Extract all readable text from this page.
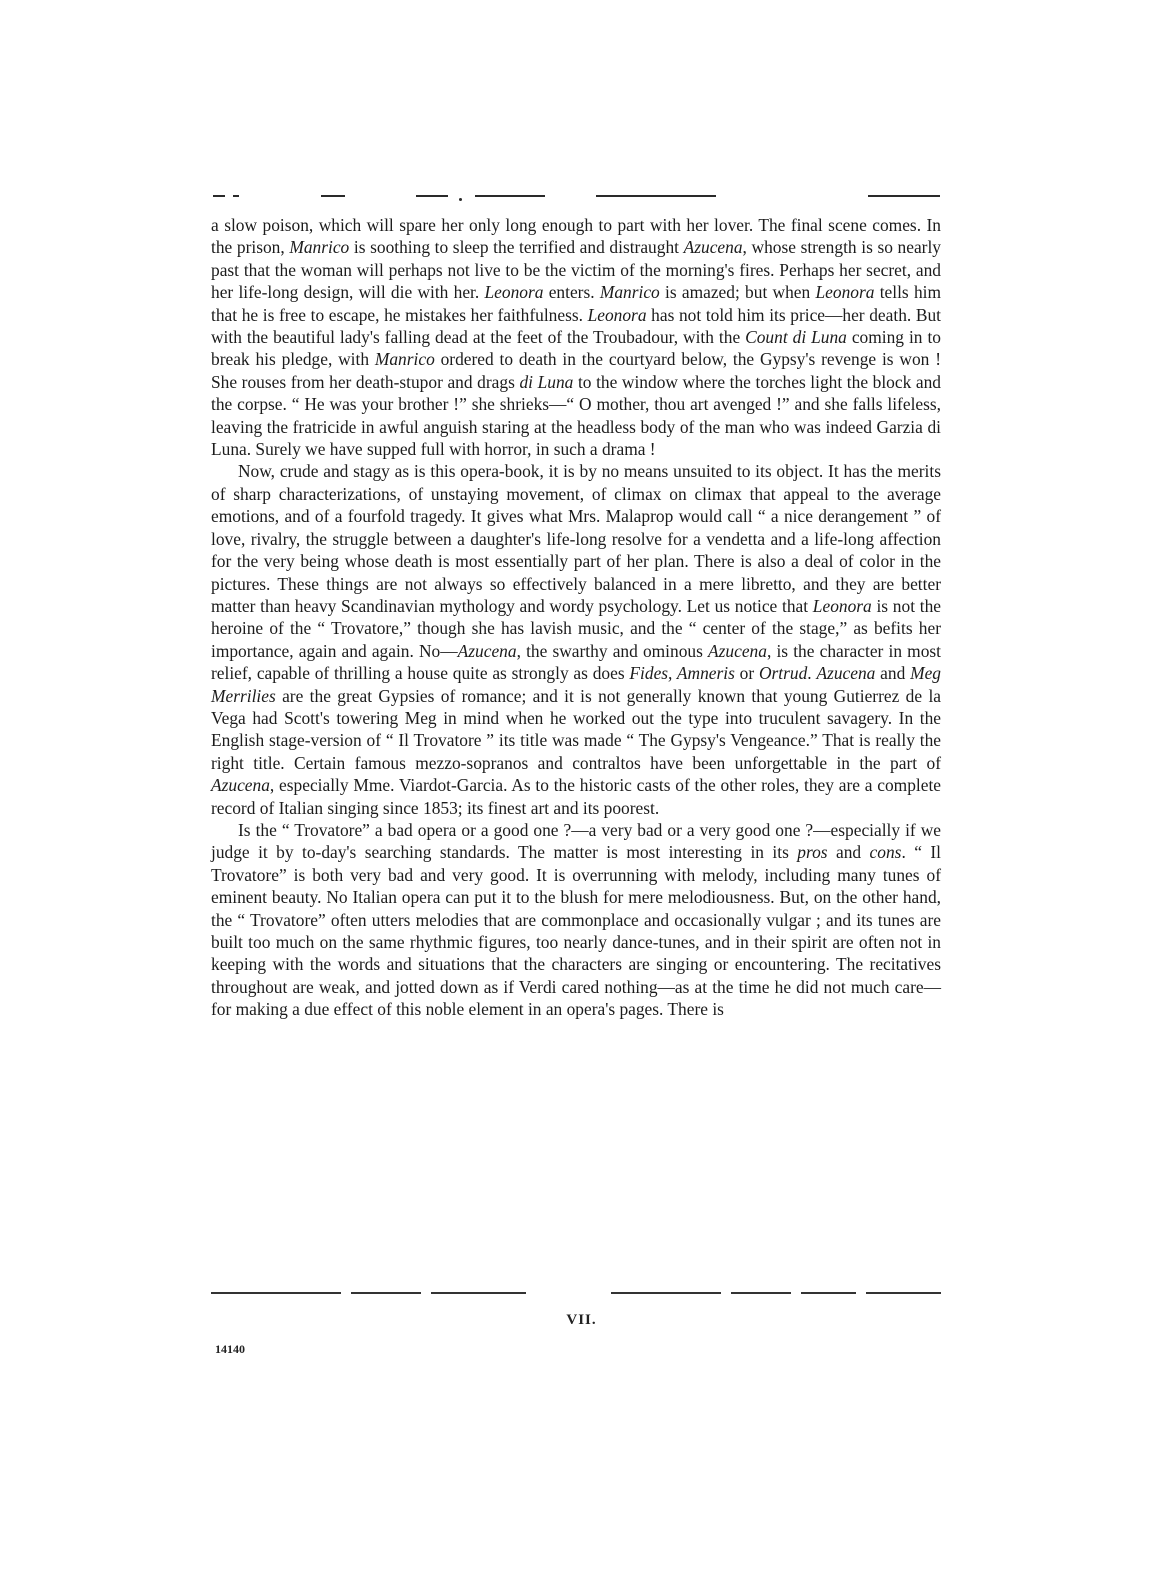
a slow poison, which will spare her only long enough to part with her lover. The final scene comes. In the prison, Manrico is soothing to sleep the terrified and distraught Azucena, whose strength is so nearly past that the woman will perhaps not live to be the victim of the morning's fires. Perhaps her secret, and her life-long design, will die with her. Leonora enters. Manrico is amazed; but when Leonora tells him that he is free to escape, he mistakes her faithfulness. Leonora has not told him its price—her death. But with the beautiful lady's falling dead at the feet of the Troubadour, with the Count di Luna coming in to break his pledge, with Manrico ordered to death in the courtyard below, the Gypsy's revenge is won ! She rouses from her death-stupor and drags di Luna to the window where the torches light the block and the corpse. “ He was your brother !” she shrieks—“ O mother, thou art avenged !” and she falls lifeless, leaving the fratricide in awful anguish staring at the headless body of the man who was indeed Garzia di Luna. Surely we have supped full with horror, in such a drama !

Now, crude and stagy as is this opera-book, it is by no means unsuited to its object. It has the merits of sharp characterizations, of unstaying movement, of climax on climax that appeal to the average emotions, and of a fourfold tragedy. It gives what Mrs. Malaprop would call “ a nice derangement ” of love, rivalry, the struggle between a daughter's life-long resolve for a vendetta and a life-long affection for the very being whose death is most essentially part of her plan. There is also a deal of color in the pictures. These things are not always so effectively balanced in a mere libretto, and they are better matter than heavy Scandinavian mythology and wordy psychology. Let us notice that Leonora is not the heroine of the “ Trovatore,” though she has lavish music, and the “ center of the stage,” as befits her importance, again and again. No—Azucena, the swarthy and ominous Azucena, is the character in most relief, capable of thrilling a house quite as strongly as does Fides, Amneris or Ortrud. Azucena and Meg Merrilies are the great Gypsies of romance; and it is not generally known that young Gutierrez de la Vega had Scott's towering Meg in mind when he worked out the type into truculent savagery. In the English stage-version of “ Il Trovatore ” its title was made “ The Gypsy's Vengeance.” That is really the right title. Certain famous mezzo-sopranos and contraltos have been unforgettable in the part of Azucena, especially Mme. Viardot-Garcia. As to the historic casts of the other roles, they are a complete record of Italian singing since 1853; its finest art and its poorest.

Is the “ Trovatore” a bad opera or a good one ?—a very bad or a very good one ?—especially if we judge it by to-day's searching standards. The matter is most interesting in its pros and cons. “ Il Trovatore” is both very bad and very good. It is overrunning with melody, including many tunes of eminent beauty. No Italian opera can put it to the blush for mere melodiousness. But, on the other hand, the “ Trovatore” often utters melodies that are commonplace and occasionally vulgar ; and its tunes are built too much on the same rhythmic figures, too nearly dance-tunes, and in their spirit are often not in keeping with the words and situations that the characters are singing or encountering. The recitatives throughout are weak, and jotted down as if Verdi cared nothing—as at the time he did not much care—for making a due effect of this noble element in an opera's pages. There is

VII.
14140
